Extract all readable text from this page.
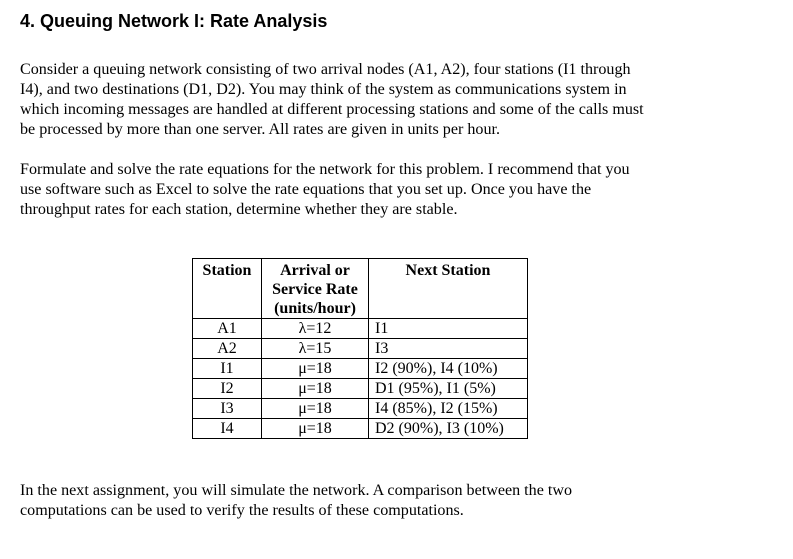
4. Queuing Network I: Rate Analysis

Consider a queuing network consisting of two arrival nodes (A1, A2), four stations (I1 through
I4), and two destinations (D1, D2). You may think of the system as communications system in
which incoming messages are handled at different processing stations and some of the calls must
be processed by more than one server. All rates are given in units per hour.

Formulate and solve the rate equations for the network for this problem. I recommend that you
use software such as Excel to solve the rate equations that you set up. Once you have the
throughput rates for each station, determine whether they are stable.

Station	Arrival or
Service Rate
(units/hour)	Next Station
A1	λ=12	I1
A2	λ=15	I3
I1	μ=18	I2 (90%), I4 (10%)
I2	μ=18	D1 (95%), I1 (5%)
I3	μ=18	I4 (85%), I2 (15%)
I4	μ=18	D2 (90%), I3 (10%)

In the next assignment, you will simulate the network. A comparison between the two
computations can be used to verify the results of these computations.
